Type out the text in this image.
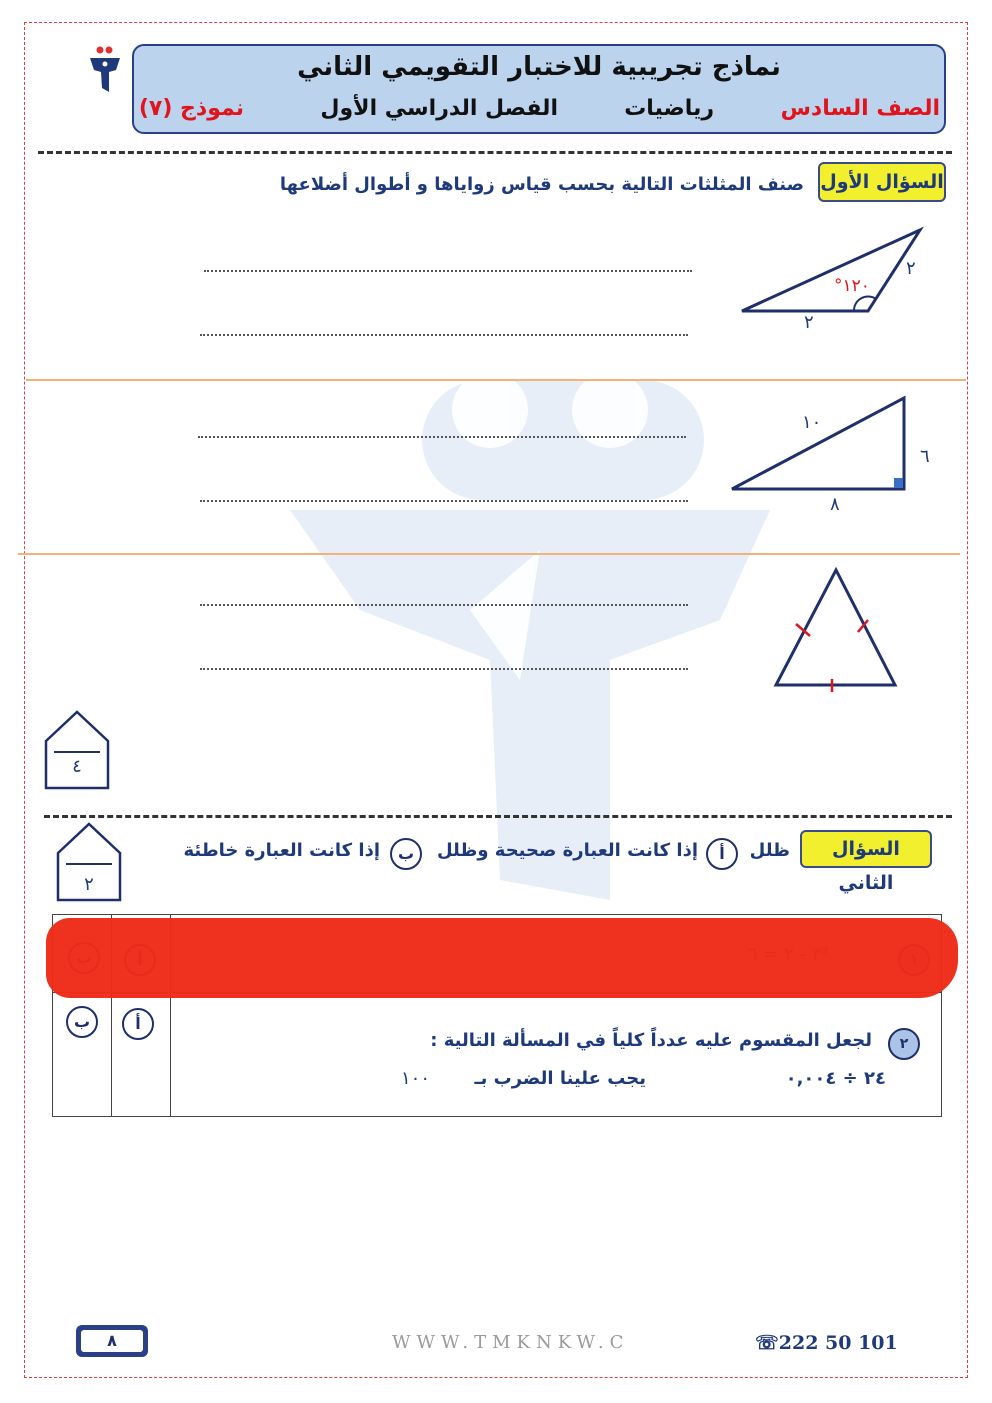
نماذج تجريبية للاختبار التقويمي الثاني
الصف السادس
رياضيات
الفصل الدراسي الأول
نموذج (٧)
السؤال الأول
صنف المثلثات التالية بحسب قياس زواياها و أطوال أضلاعها
٢
٢
١٢٠°
١٠
٦
٨
٤
السؤال الثاني
ظلل
أ
إذا كانت العبارة صحيحة وظلل
ب
إذا كانت العبارة خاطئة
٢
٢
لجعل المقسوم عليه عدداً كلياً في المسألة التالية :
٢٤ ÷ ٠,٠٠٤
يجب علينا الضرب بـ
١٠٠
أ
ب
٨	WWW.TMKNKW.C	☏222 50 101
